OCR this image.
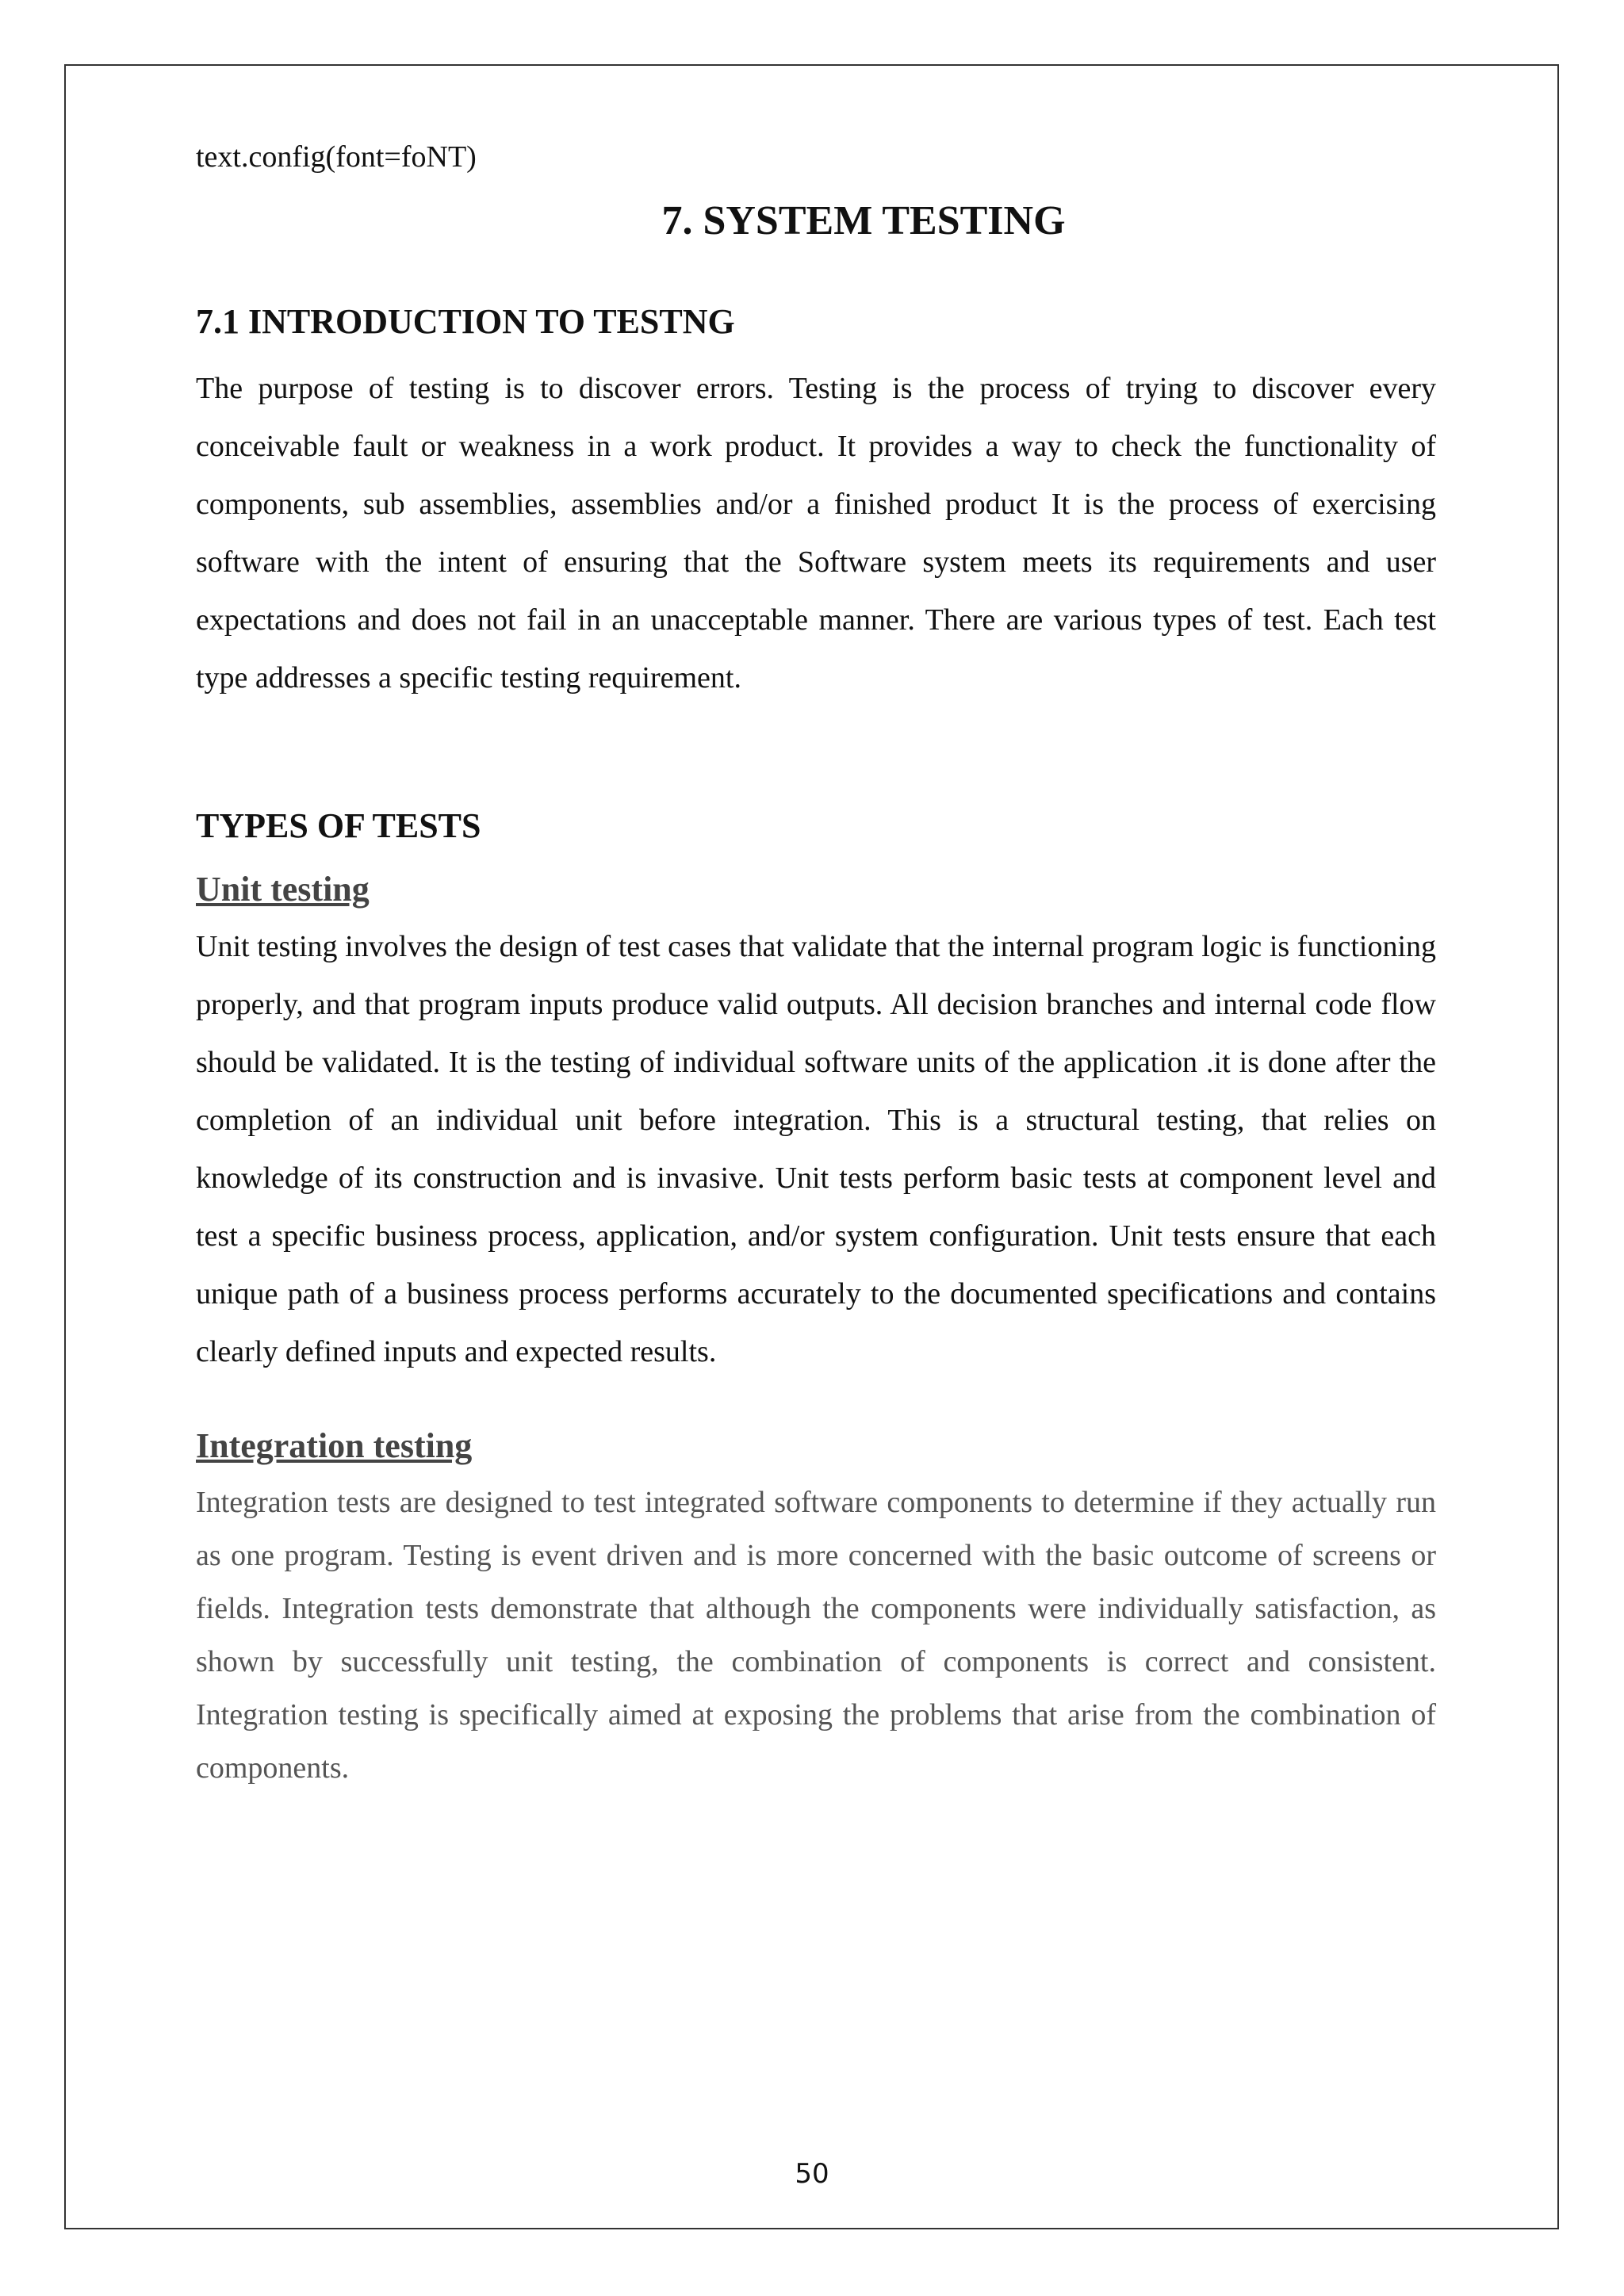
text.config(font=foNT)

7. SYSTEM TESTING
7.1 INTRODUCTION TO TESTNG

The purpose of testing is to discover errors. Testing is the process of trying to discover every conceivable fault or weakness in a work product. It provides a way to check the functionality of components, sub assemblies, assemblies and/or a finished product It is the process of exercising software with the intent of ensuring that the Software system meets its requirements and user expectations and does not fail in an unacceptable manner. There are various types of test. Each test type addresses a specific testing requirement.

TYPES OF TESTS
Unit testing

Unit testing involves the design of test cases that validate that the internal program logic is functioning properly, and that program inputs produce valid outputs. All decision branches and internal code flow should be validated. It is the testing of individual software units of the application .it is done after the completion of an individual unit before integration. This is a structural testing, that relies on knowledge of its construction and is invasive. Unit tests perform basic tests at component level and test a specific business process, application, and/or system configuration. Unit tests ensure that each unique path of a business process performs accurately to the documented specifications and contains clearly defined inputs and expected results.

Integration testing

Integration tests are designed to test integrated software components to determine if they actually run as one program. Testing is event driven and is more concerned with the basic outcome of screens or fields. Integration tests demonstrate that although the components were individually satisfaction, as shown by successfully unit testing, the combination of components is correct and consistent. Integration testing is specifically aimed at exposing the problems that arise from the combination of components.

50
